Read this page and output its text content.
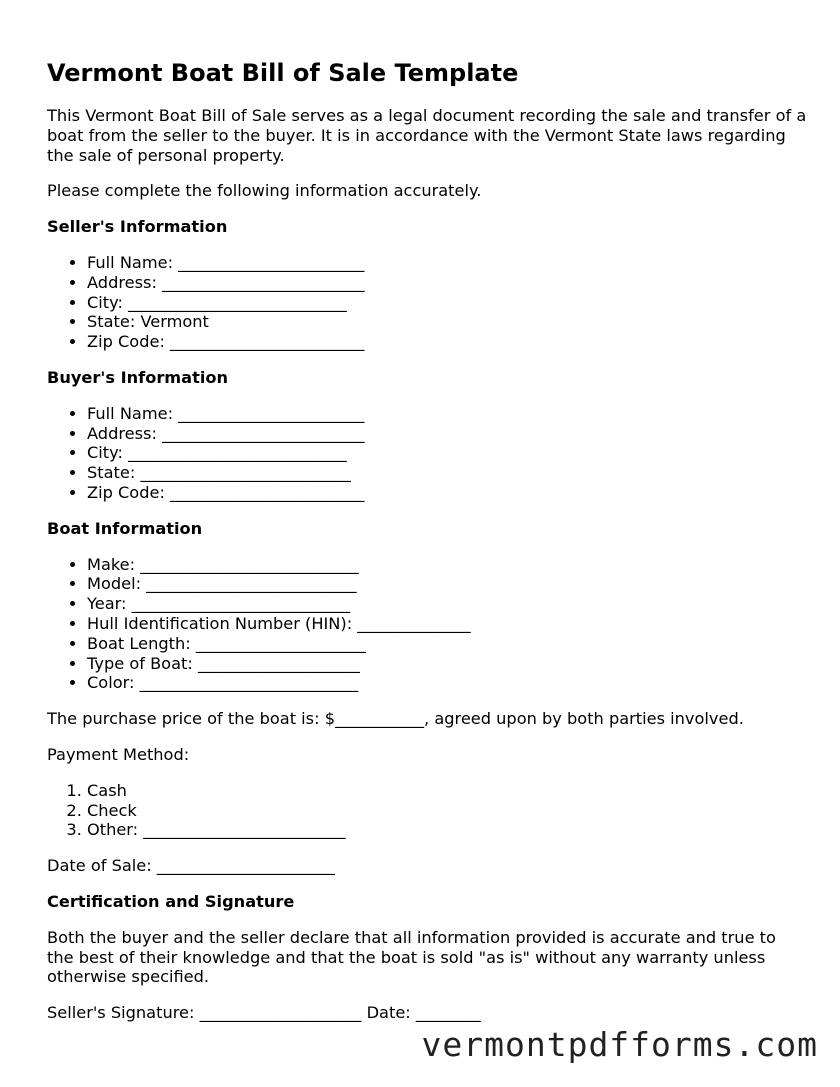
Vermont Boat Bill of Sale Template

This Vermont Boat Bill of Sale serves as a legal document recording the sale and transfer of a boat from the seller to the buyer. It is in accordance with the Vermont State laws regarding the sale of personal property.

Please complete the following information accurately.

Seller's Information
• Full Name: _______________________
• Address: _________________________
• City: ___________________________
• State: Vermont
• Zip Code: ________________________
Buyer's Information
• Full Name: _______________________
• Address: _________________________
• City: ___________________________
• State: __________________________
• Zip Code: ________________________
Boat Information
• Make: ___________________________
• Model: __________________________
• Year: ___________________________
• Hull Identification Number (HIN): ______________
• Boat Length: _____________________
• Type of Boat: ____________________
• Color: ___________________________

The purchase price of the boat is: $___________, agreed upon by both parties involved.

Payment Method:

1. Cash
2. Check
3. Other: _________________________

Date of Sale: ______________________

Certification and Signature

Both the buyer and the seller declare that all information provided is accurate and true to the best of their knowledge and that the boat is sold "as is" without any warranty unless otherwise specified.

Seller's Signature: ____________________ Date: ________

vermontpdfforms.com
